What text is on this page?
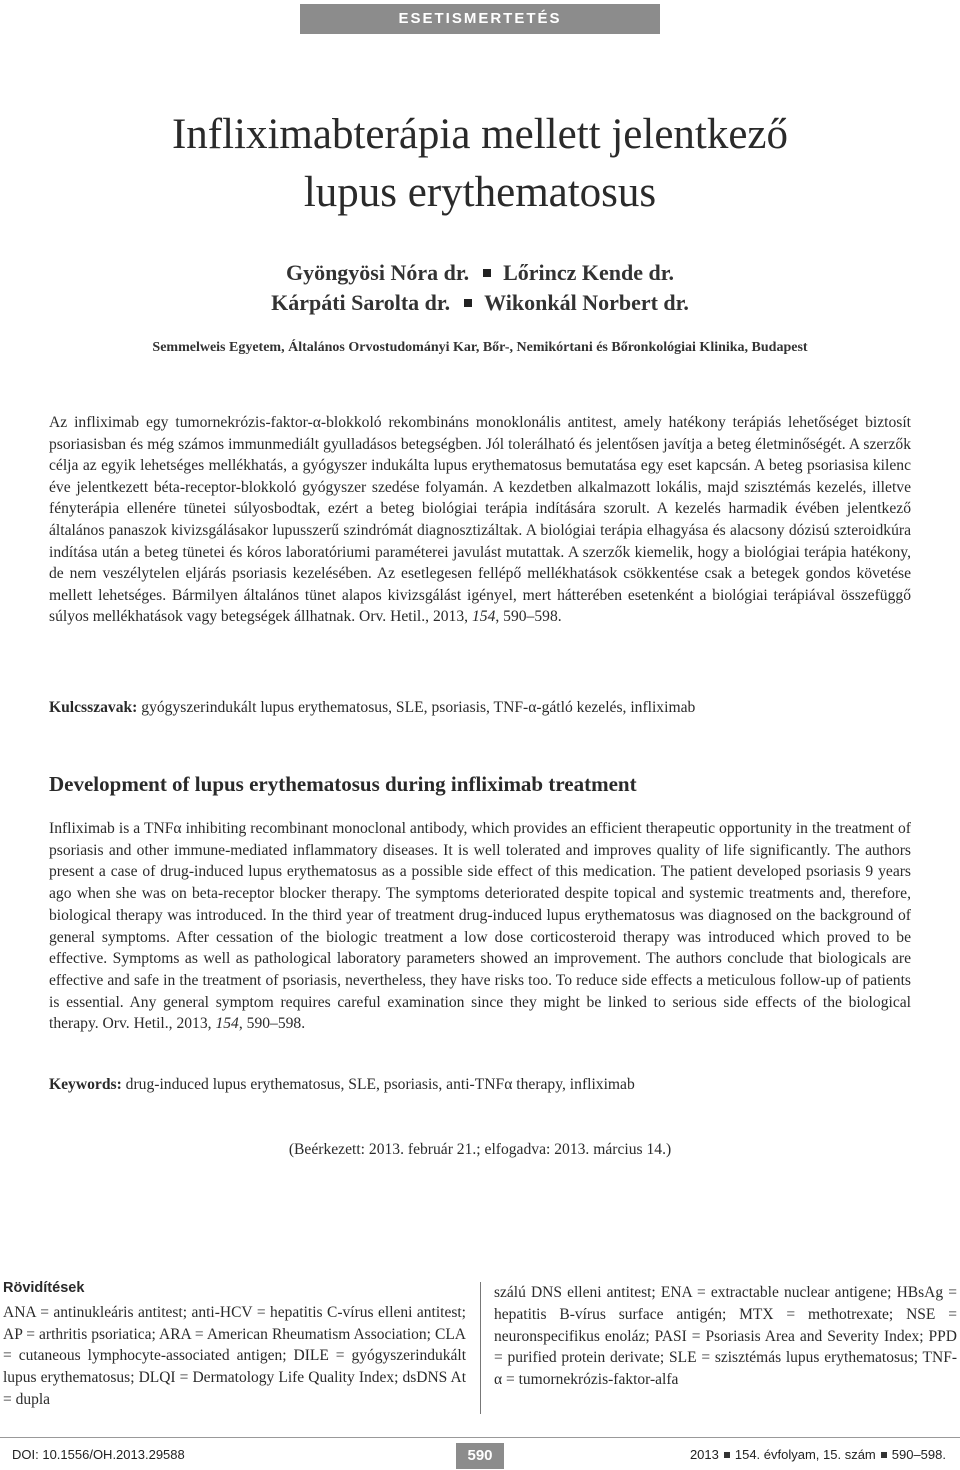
ESETISMERTETÉS
Infliximabterápia mellett jelentkező
lupus erythematosus
Gyöngyösi Nóra dr. Lőrincz Kende dr.
Kárpáti Sarolta dr. Wikonkál Norbert dr.
Semmelweis Egyetem, Általános Orvostudományi Kar, Bőr-, Nemikórtani és Bőronkológiai Klinika, Budapest
Az infliximab egy tumornekrózis-faktor-α-blokkoló rekombináns monoklonális antitest, amely hatékony terápiás lehetőséget biztosít psoriasisban és még számos immunmediált gyulladásos betegségben. Jól tolerálható és jelentősen javítja a beteg életminőségét. A szerzők célja az egyik lehetséges mellékhatás, a gyógyszer indukálta lupus erythematosus bemutatása egy eset kapcsán. A beteg psoriasisa kilenc éve jelentkezett béta-receptor-blokkoló gyógyszer szedése folyamán. A kezdetben alkalmazott lokális, majd szisztémás kezelés, illetve fényterápia ellenére tünetei súlyosbodtak, ezért a beteg biológiai terápia indítására szorult. A kezelés harmadik évében jelentkező általános panaszok kivizsgálásakor lupusszerű szindrómát diagnosztizáltak. A biológiai terápia elhagyása és alacsony dózisú szteroidkúra indítása után a beteg tünetei és kóros laboratóriumi paraméterei javulást mutattak. A szerzők kiemelik, hogy a biológiai terápia hatékony, de nem veszélytelen eljárás psoriasis kezelésében. Az esetlegesen fellépő mellékhatások csökkentése csak a betegek gondos követése mellett lehetséges. Bármilyen általános tünet alapos kivizsgálást igényel, mert hátterében esetenként a biológiai terápiával összefüggő súlyos mellékhatások vagy betegségek állhatnak. Orv. Hetil., 2013, 154, 590–598.
Kulcsszavak: gyógyszerindukált lupus erythematosus, SLE, psoriasis, TNF-α-gátló kezelés, infliximab
Development of lupus erythematosus during infliximab treatment
Infliximab is a TNFα inhibiting recombinant monoclonal antibody, which provides an efficient therapeutic opportunity in the treatment of psoriasis and other immune-mediated inflammatory diseases. It is well tolerated and improves quality of life significantly. The authors present a case of drug-induced lupus erythematosus as a possible side effect of this medication. The patient developed psoriasis 9 years ago when she was on beta-receptor blocker therapy. The symptoms deteriorated despite topical and systemic treatments and, therefore, biological therapy was introduced. In the third year of treatment drug-induced lupus erythematosus was diagnosed on the background of general symptoms. After cessation of the biologic treatment a low dose corticosteroid therapy was introduced which proved to be effective. Symptoms as well as pathological laboratory parameters showed an improvement. The authors conclude that biologicals are effective and safe in the treatment of psoriasis, nevertheless, they have risks too. To reduce side effects a meticulous follow-up of patients is essential. Any general symptom requires careful examination since they might be linked to serious side effects of the biological therapy. Orv. Hetil., 2013, 154, 590–598.
Keywords: drug-induced lupus erythematosus, SLE, psoriasis, anti-TNFα therapy, infliximab
(Beérkezett: 2013. február 21.; elfogadva: 2013. március 14.)
Rövidítések
ANA = antinukleáris antitest; anti-HCV = hepatitis C-vírus elleni antitest; AP = arthritis psoriatica; ARA = American Rheumatism Association; CLA = cutaneous lymphocyte-associated antigen; DILE = gyógyszerindukált lupus erythematosus; DLQI = Dermatology Life Quality Index; dsDNS At = dupla
szálú DNS elleni antitest; ENA = extractable nuclear antigene; HBsAg = hepatitis B-vírus surface antigén; MTX = methotrexate; NSE = neuronspecifikus enoláz; PASI = Psoriasis Area and Severity Index; PPD = purified protein derivate; SLE = szisztémás lupus erythematosus; TNF-α = tumornekrózis-faktor-alfa
DOI: 10.1556/OH.2013.29588	590	2013 154. évfolyam, 15. szám 590–598.
